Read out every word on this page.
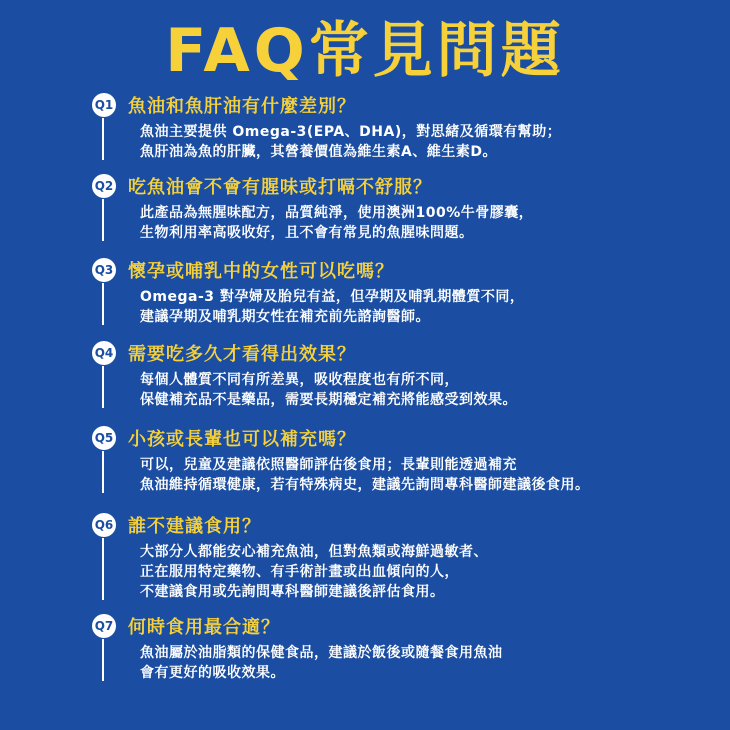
FAQ常見問題
Q1 魚油和魚肝油有什麼差別？
魚油主要提供 Omega-3(EPA、DHA)，對思緒及循環有幫助；
魚肝油為魚的肝臟，其營養價值為維生素A、維生素D。
Q2 吃魚油會不會有腥味或打嗝不舒服？
此產品為無腥味配方，品質純淨，使用澳洲100%牛骨膠囊，
生物利用率高吸收好，且不會有常見的魚腥味問題。
Q3 懷孕或哺乳中的女性可以吃嗎？
Omega-3 對孕婦及胎兒有益，但孕期及哺乳期體質不同，
建議孕期及哺乳期女性在補充前先諮詢醫師。
Q4 需要吃多久才看得出效果？
每個人體質不同有所差異，吸收程度也有所不同，
保健補充品不是藥品，需要長期穩定補充將能感受到效果。
Q5 小孩或長輩也可以補充嗎？
可以，兒童及建議依照醫師評估後食用；長輩則能透過補充
魚油維持循環健康，若有特殊病史，建議先詢問專科醫師建議後食用。
Q6 誰不建議食用？
大部分人都能安心補充魚油，但對魚類或海鮮過敏者、
正在服用特定藥物、有手術計畫或出血傾向的人，
不建議食用或先詢問專科醫師建議後評估食用。
Q7 何時食用最合適？
魚油屬於油脂類的保健食品，建議於飯後或隨餐食用魚油
會有更好的吸收效果。
